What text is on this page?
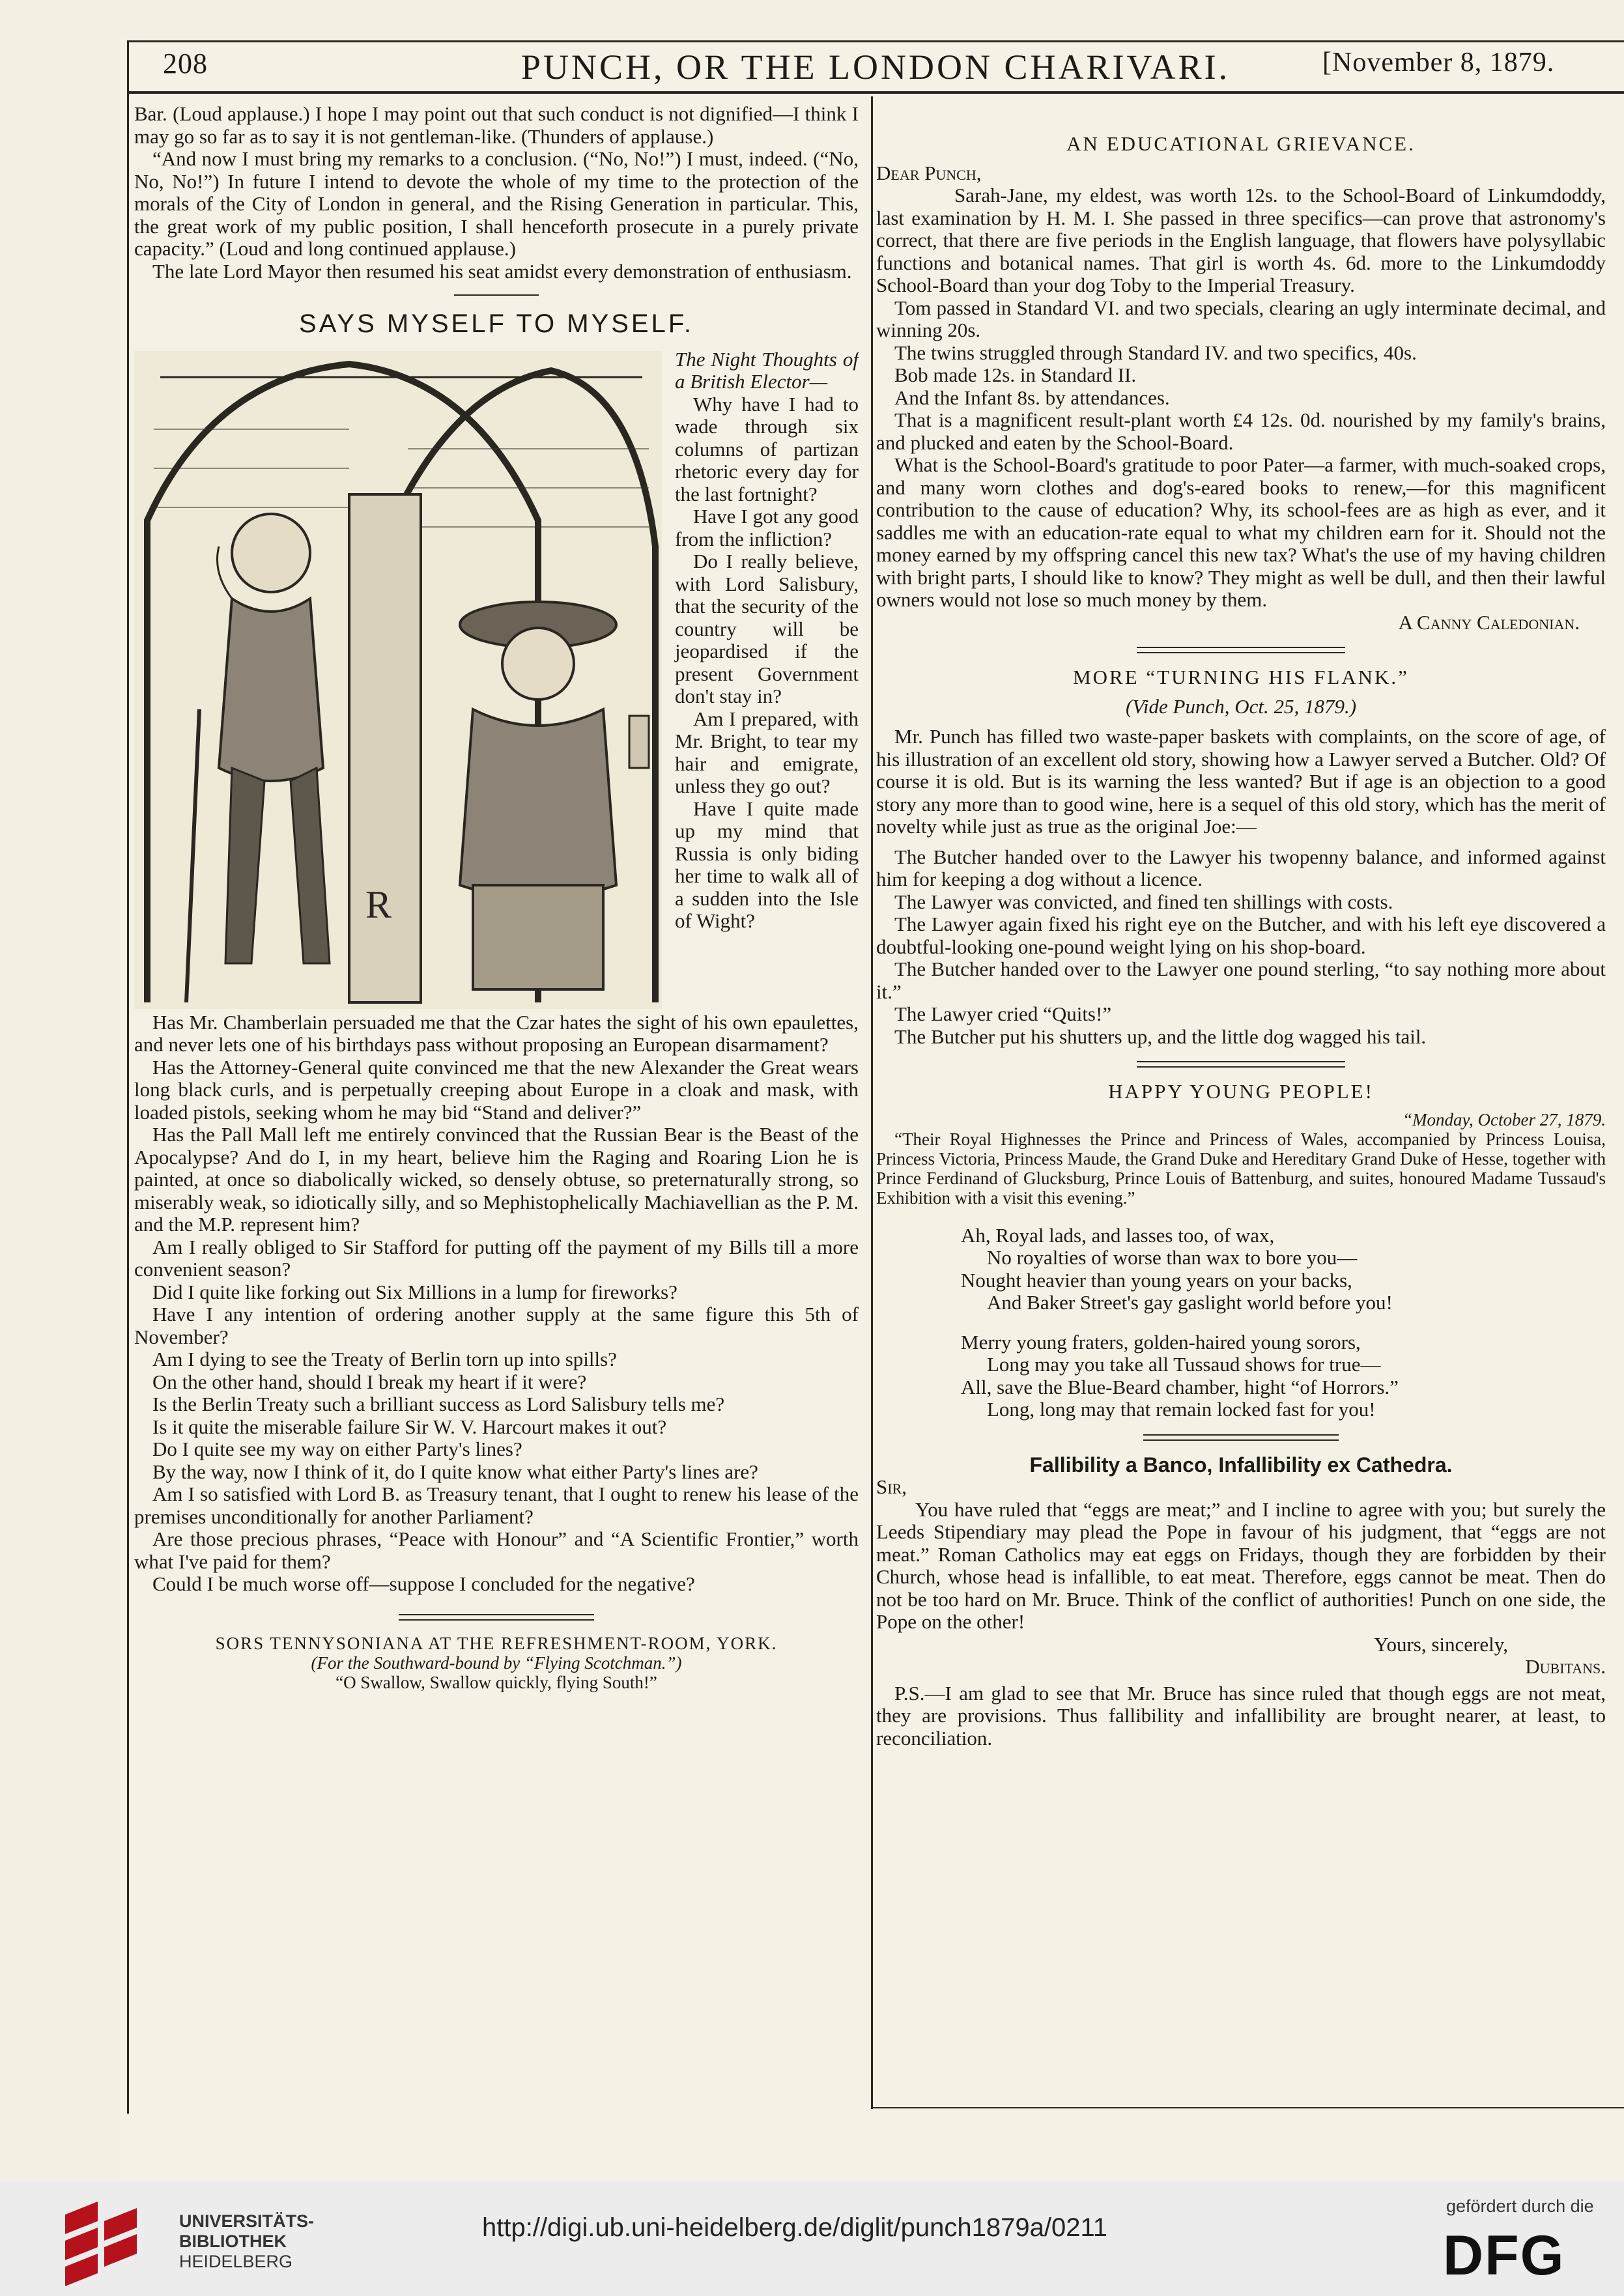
208	PUNCH, OR THE LONDON CHARIVARI.	[November 8, 1879.

Bar. (Loud applause.) I hope I may point out that such conduct is not dignified—I think I may go so far as to say it is not gentleman-like. (Thunders of applause.)

“And now I must bring my remarks to a conclusion. (“No, No!”) I must, indeed. (“No, No, No!”) In future I intend to devote the whole of my time to the protection of the morals of the City of London in general, and the Rising Generation in particular. This, the great work of my public position, I shall henceforth prosecute in a purely private capacity.” (Loud and long continued applause.)

The late Lord Mayor then resumed his seat amidst every demonstration of enthusiasm.

SAYS MYSELF TO MYSELF.
R

The Night Thoughts of a British Elector—

Why have I had to wade through six columns of partizan rhetoric every day for the last fortnight?

Have I got any good from the infliction?

Do I really believe, with Lord Salisbury, that the security of the country will be jeopardised if the present Government don't stay in?

Am I prepared, with Mr. Bright, to tear my hair and emigrate, unless they go out?

Have I quite made up my mind that Russia is only biding her time to walk all of a sudden into the Isle of Wight?

Has Mr. Chamberlain persuaded me that the Czar hates the sight of his own epaulettes, and never lets one of his birthdays pass without proposing an European disarmament?

Has the Attorney-General quite convinced me that the new Alexander the Great wears long black curls, and is perpetually creeping about Europe in a cloak and mask, with loaded pistols, seeking whom he may bid “Stand and deliver?”

Has the Pall Mall left me entirely convinced that the Russian Bear is the Beast of the Apocalypse? And do I, in my heart, believe him the Raging and Roaring Lion he is painted, at once so diabolically wicked, so densely obtuse, so preternaturally strong, so miserably weak, so idiotically silly, and so Mephistophelically Machiavellian as the P. M. and the M.P. represent him?

Am I really obliged to Sir Stafford for putting off the payment of my Bills till a more convenient season?

Did I quite like forking out Six Millions in a lump for fireworks?

Have I any intention of ordering another supply at the same figure this 5th of November?

Am I dying to see the Treaty of Berlin torn up into spills?

On the other hand, should I break my heart if it were?

Is the Berlin Treaty such a brilliant success as Lord Salisbury tells me?

Is it quite the miserable failure Sir W. V. Harcourt makes it out?

Do I quite see my way on either Party's lines?

By the way, now I think of it, do I quite know what either Party's lines are?

Am I so satisfied with Lord B. as Treasury tenant, that I ought to renew his lease of the premises unconditionally for another Parliament?

Are those precious phrases, “Peace with Honour” and “A Scientific Frontier,” worth what I've paid for them?

Could I be much worse off—suppose I concluded for the negative?

SORS TENNYSONIANA AT THE REFRESHMENT-ROOM, YORK.

(For the Southward-bound by “Flying Scotchman.”)

“O Swallow, Swallow quickly, flying South!”

AN EDUCATIONAL GRIEVANCE.

Dear Punch,

Sarah-Jane, my eldest, was worth 12s. to the School-Board of Linkumdoddy, last examination by H. M. I. She passed in three specifics—can prove that astronomy's correct, that there are five periods in the English language, that flowers have polysyllabic functions and botanical names. That girl is worth 4s. 6d. more to the Linkumdoddy School-Board than your dog Toby to the Imperial Treasury.

Tom passed in Standard VI. and two specials, clearing an ugly interminate decimal, and winning 20s.

The twins struggled through Standard IV. and two specifics, 40s.

Bob made 12s. in Standard II.

And the Infant 8s. by attendances.

That is a magnificent result-plant worth £4 12s. 0d. nourished by my family's brains, and plucked and eaten by the School-Board.

What is the School-Board's gratitude to poor Pater—a farmer, with much-soaked crops, and many worn clothes and dog's-eared books to renew,—for this magnificent contribution to the cause of education? Why, its school-fees are as high as ever, and it saddles me with an education-rate equal to what my children earn for it. Should not the money earned by my offspring cancel this new tax? What's the use of my having children with bright parts, I should like to know? They might as well be dull, and then their lawful owners would not lose so much money by them.

A Canny Caledonian.

MORE “TURNING HIS FLANK.”

(Vide Punch, Oct. 25, 1879.)

Mr. Punch has filled two waste-paper baskets with complaints, on the score of age, of his illustration of an excellent old story, showing how a Lawyer served a Butcher. Old? Of course it is old. But is its warning the less wanted? But if age is an objection to a good story any more than to good wine, here is a sequel of this old story, which has the merit of novelty while just as true as the original Joe:—

The Butcher handed over to the Lawyer his twopenny balance, and informed against him for keeping a dog without a licence.

The Lawyer was convicted, and fined ten shillings with costs.

The Lawyer again fixed his right eye on the Butcher, and with his left eye discovered a doubtful-looking one-pound weight lying on his shop-board.

The Butcher handed over to the Lawyer one pound sterling, “to say nothing more about it.”

The Lawyer cried “Quits!”

The Butcher put his shutters up, and the little dog wagged his tail.

HAPPY YOUNG PEOPLE!

“Monday, October 27, 1879.

“Their Royal Highnesses the Prince and Princess of Wales, accompanied by Princess Louisa, Princess Victoria, Princess Maude, the Grand Duke and Hereditary Grand Duke of Hesse, together with Prince Ferdinand of Glucksburg, Prince Louis of Battenburg, and suites, honoured Madame Tussaud's Exhibition with a visit this evening.”

Ah, Royal lads, and lasses too, of wax,

No royalties of worse than wax to bore you—

Nought heavier than young years on your backs,

And Baker Street's gay gaslight world before you!

Merry young fraters, golden-haired young sorors,

Long may you take all Tussaud shows for true—

All, save the Blue-Beard chamber, hight “of Horrors.”

Long, long may that remain locked fast for you!

Fallibility a Banco, Infallibility ex Cathedra.

Sir,

You have ruled that “eggs are meat;” and I incline to agree with you; but surely the Leeds Stipendiary may plead the Pope in favour of his judgment, that “eggs are not meat.” Roman Catholics may eat eggs on Fridays, though they are forbidden by their Church, whose head is infallible, to eat meat. Therefore, eggs cannot be meat. Then do not be too hard on Mr. Bruce. Think of the conflict of authorities! Punch on one side, the Pope on the other!

Yours, sincerely,

Dubitans.

P.S.—I am glad to see that Mr. Bruce has since ruled that though eggs are not meat, they are provisions. Thus fallibility and infallibility are brought nearer, at least, to reconciliation.

UNIVERSITÄTS-
BIBLIOTHEK
HEIDELBERG
http://digi.ub.uni-heidelberg.de/diglit/punch1879a/0211
gefördert durch die
DFG
